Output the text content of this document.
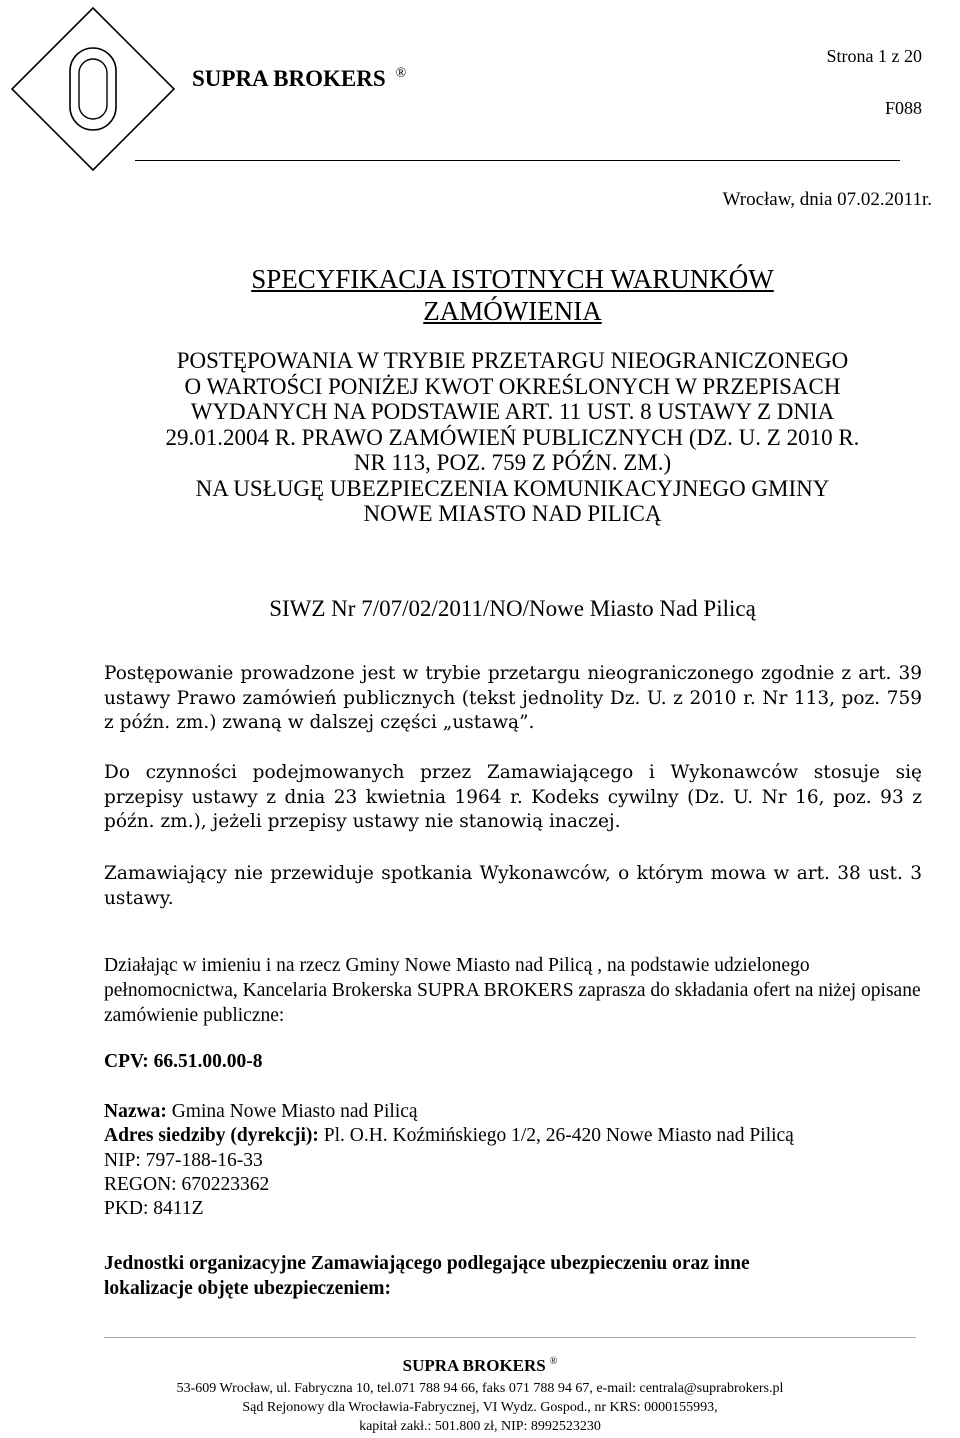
SUPRA BROKERS ®
Strona 1 z 20
F088
Wrocław, dnia 07.02.2011r.
SPECYFIKACJA ISTOTNYCH WARUNKÓW
ZAMÓWIENIA
POSTĘPOWANIA W TRYBIE PRZETARGU NIEOGRANICZONEGO
O WARTOŚCI PONIŻEJ KWOT OKREŚLONYCH W PRZEPISACH
WYDANYCH NA PODSTAWIE ART. 11 UST. 8 USTAWY Z DNIA
29.01.2004 R. PRAWO ZAMÓWIEŃ PUBLICZNYCH (DZ. U. Z 2010 R.
NR 113, POZ. 759 Z PÓŹN. ZM.)
NA USŁUGĘ UBEZPIECZENIA KOMUNIKACYJNEGO GMINY
NOWE MIASTO NAD PILICĄ
SIWZ Nr 7/07/02/2011/NO/Nowe Miasto Nad Pilicą
Postępowanie prowadzone jest w trybie przetargu nieograniczonego zgodnie z art. 39 ustawy Prawo zamówień publicznych (tekst jednolity Dz. U. z 2010 r. Nr 113, poz. 759 z późn. zm.) zwaną w dalszej części „ustawą”.
Do czynności podejmowanych przez Zamawiającego i Wykonawców stosuje się przepisy ustawy z dnia 23 kwietnia 1964 r. Kodeks cywilny (Dz. U. Nr 16, poz. 93 z późn. zm.), jeżeli przepisy ustawy nie stanowią inaczej.
Zamawiający nie przewiduje spotkania Wykonawców, o którym mowa w art. 38 ust. 3 ustawy.
Działając w imieniu i na rzecz Gminy Nowe Miasto nad Pilicą , na podstawie udzielonego pełnomocnictwa, Kancelaria Brokerska SUPRA BROKERS zaprasza do składania ofert na niżej opisane zamówienie publiczne:
CPV: 66.51.00.00-8
Nazwa: Gmina Nowe Miasto nad Pilicą
Adres siedziby (dyrekcji): Pl. O.H. Koźmińskiego 1/2, 26-420 Nowe Miasto nad Pilicą
NIP: 797-188-16-33
REGON: 670223362
PKD: 8411Z
Jednostki organizacyjne Zamawiającego podlegające ubezpieczeniu oraz inne
lokalizacje objęte ubezpieczeniem:
SUPRA BROKERS ®
53-609 Wrocław, ul. Fabryczna 10, tel.071 788 94 66, faks 071 788 94 67, e-mail: centrala@suprabrokers.pl
Sąd Rejonowy dla Wrocławia-Fabrycznej, VI Wydz. Gospod., nr KRS: 0000155993,
kapitał zakł.: 501.800 zł, NIP: 8992523230
